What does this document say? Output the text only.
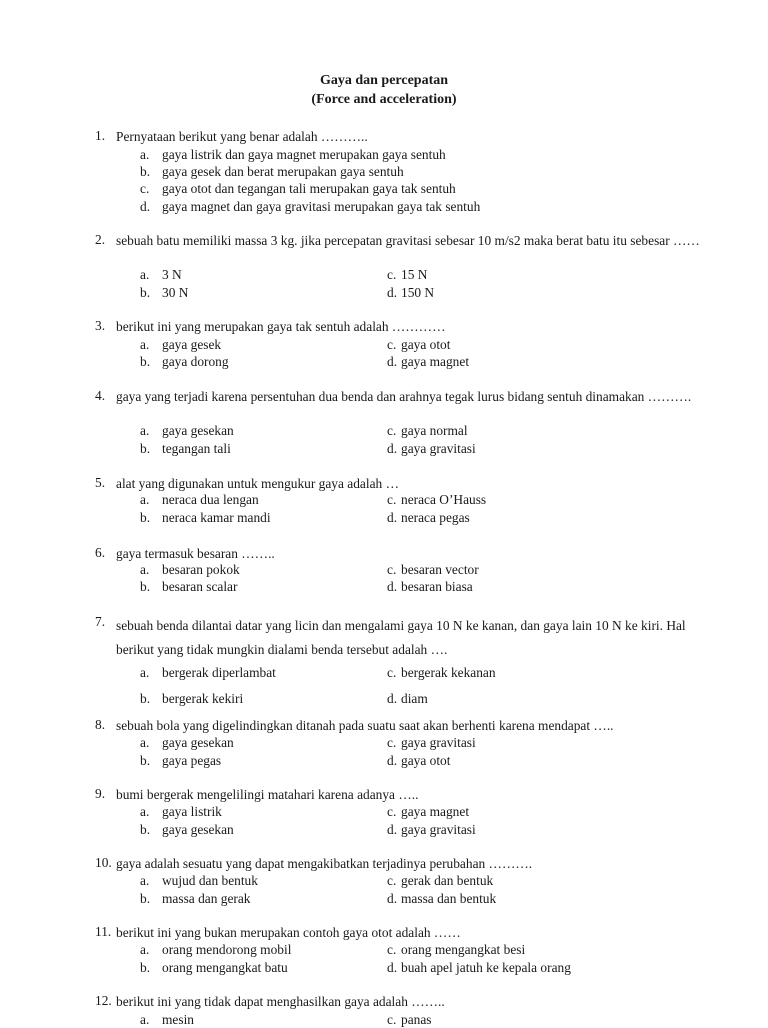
Gaya dan percepatan
(Force and acceleration)
1. Pernyataan berikut yang benar adalah ………..
a. gaya listrik dan gaya magnet merupakan gaya sentuh
b. gaya gesek dan berat merupakan gaya sentuh
c. gaya otot dan tegangan tali merupakan gaya tak sentuh
d. gaya magnet dan gaya gravitasi merupakan gaya tak sentuh
2. sebuah batu memiliki massa 3 kg. jika percepatan gravitasi sebesar 10 m/s2 maka berat batu itu sebesar ……
a. 3 N	c. 15 N
b. 30 N	d. 150 N
3. berikut ini yang merupakan gaya tak sentuh adalah …………
a. gaya gesek	c. gaya otot
b. gaya dorong	d. gaya magnet
4. gaya yang terjadi karena persentuhan dua benda dan arahnya tegak lurus bidang sentuh dinamakan ……….
a. gaya gesekan	c. gaya normal
b. tegangan tali	d. gaya gravitasi
5. alat yang digunakan untuk mengukur gaya adalah …
a. neraca dua lengan	c. neraca O’Hauss
b. neraca kamar mandi	d. neraca pegas
6. gaya termasuk besaran ……..
a. besaran pokok	c. besaran vector
b. besaran scalar	d. besaran biasa
7. sebuah benda dilantai datar yang licin dan mengalami gaya 10 N ke kanan, dan gaya lain 10 N ke kiri. Hal berikut yang tidak mungkin dialami benda tersebut adalah ….
a. bergerak diperlambat	c. bergerak kekanan
b. bergerak kekiri	d. diam
8. sebuah bola yang digelindingkan ditanah pada suatu saat akan berhenti karena mendapat …..
a. gaya gesekan	c. gaya gravitasi
b. gaya pegas	d. gaya otot
9. bumi bergerak mengelilingi matahari karena adanya …..
a. gaya listrik	c. gaya magnet
b. gaya gesekan	d. gaya gravitasi
10. gaya adalah sesuatu yang dapat mengakibatkan terjadinya perubahan ……….
a. wujud dan bentuk	c. gerak dan bentuk
b. massa dan gerak	d. massa dan bentuk
11. berikut ini yang bukan merupakan contoh gaya otot adalah ……
a. orang mendorong mobil	c. orang mengangkat besi
b. orang mengangkat batu	d. buah apel jatuh ke kepala orang
12. berikut ini yang tidak dapat menghasilkan gaya adalah ……..
a. mesin	c. panas
